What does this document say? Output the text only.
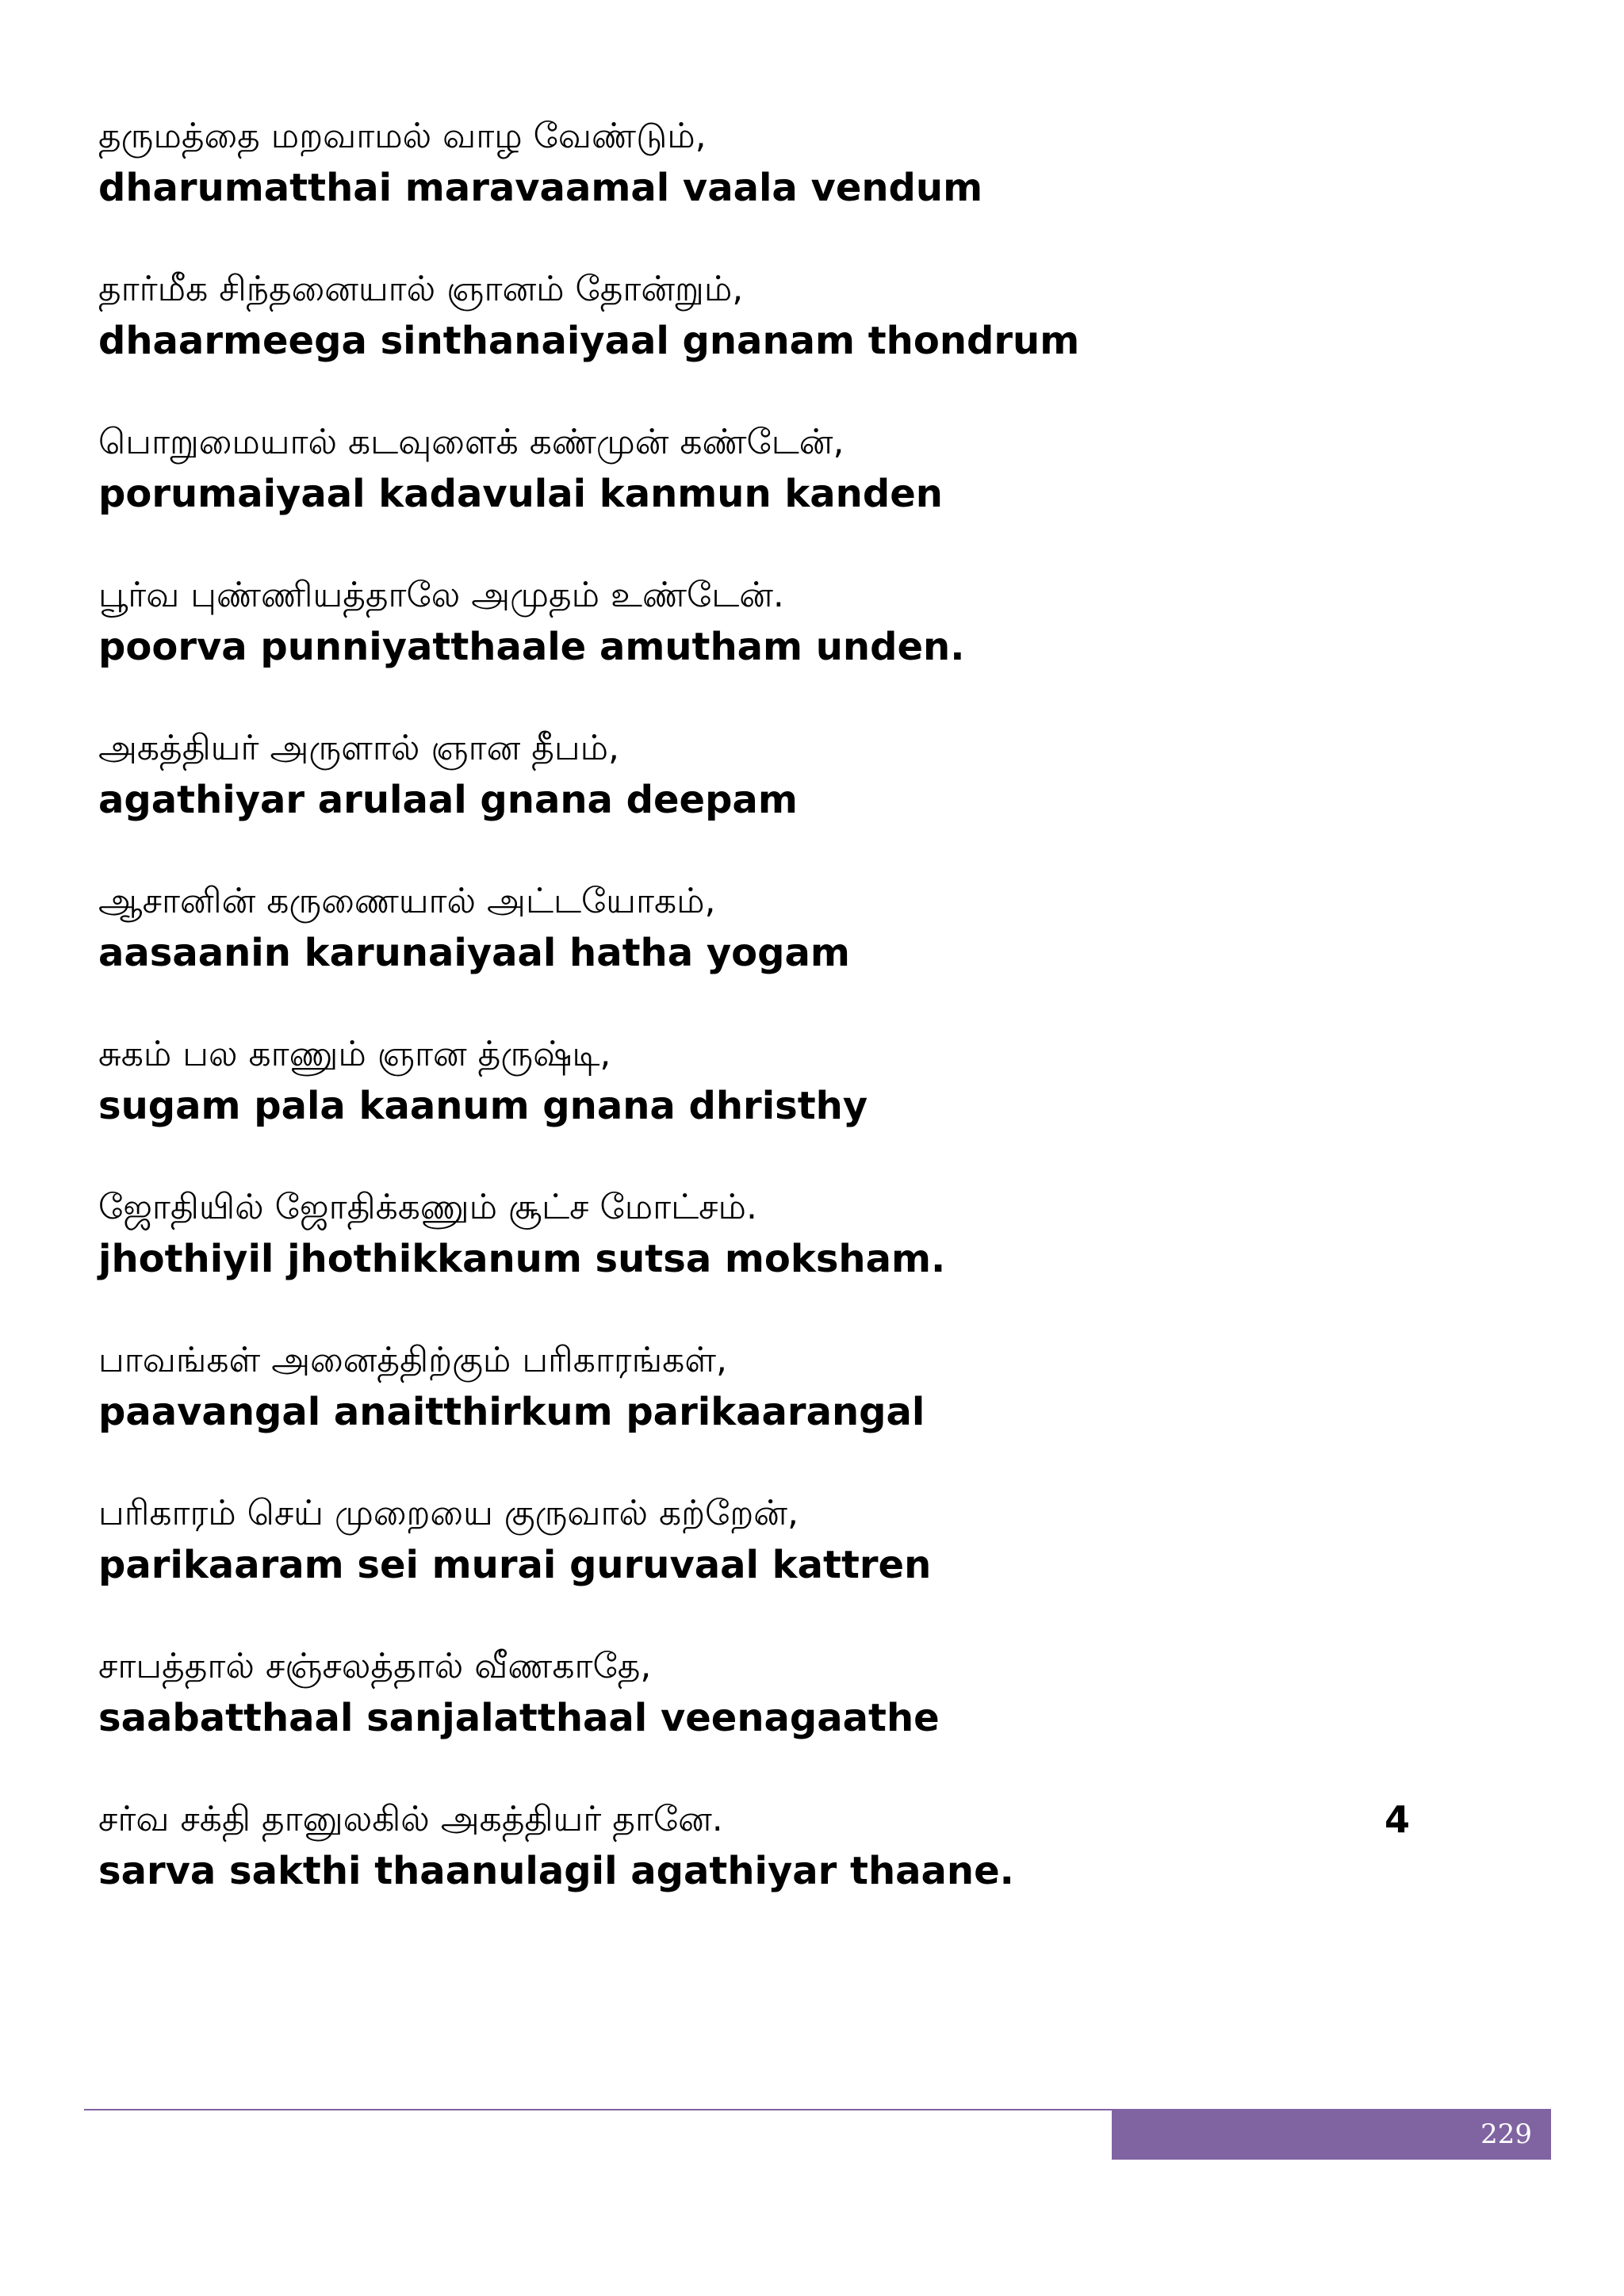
தருமத்தை மறவாமல் வாழ வேண்டும்,
dharumatthai maravaamal vaala vendum
தார்மீக சிந்தனையால் ஞானம் தோன்றும்,
dhaarmeega sinthanaiyaal gnanam thondrum
பொறுமையால் கடவுளைக் கண்முன் கண்டேன்,
porumaiyaal kadavulai kanmun kanden
பூர்வ புண்ணியத்தாலே அமுதம் உண்டேன்.
poorva punniyatthaale amutham unden.
அகத்தியர் அருளால் ஞான தீபம்,
agathiyar arulaal gnana deepam
ஆசானின் கருணையால் அட்டயோகம்,
aasaanin karunaiyaal hatha yogam
சுகம் பல காணும் ஞான த்ருஷ்டி,
sugam pala kaanum gnana dhristhy
ஜோதியில் ஜோதிக்கணும் சூட்ச மோட்சம்.
jhothiyil jhothikkanum sutsa moksham.
பாவங்கள் அனைத்திற்கும் பரிகாரங்கள்,
paavangal anaitthirkum parikaarangal
பரிகாரம் செய் முறையை குருவால் கற்றேன்,
parikaaram sei murai guruvaal kattren
சாபத்தால் சஞ்சலத்தால் வீணகாதே,
saabatthaal sanjalatthaal veenagaathe
சர்வ சக்தி தானுலகில் அகத்தியர் தானே.	4
sarva sakthi thaanulagil agathiyar thaane.
229
